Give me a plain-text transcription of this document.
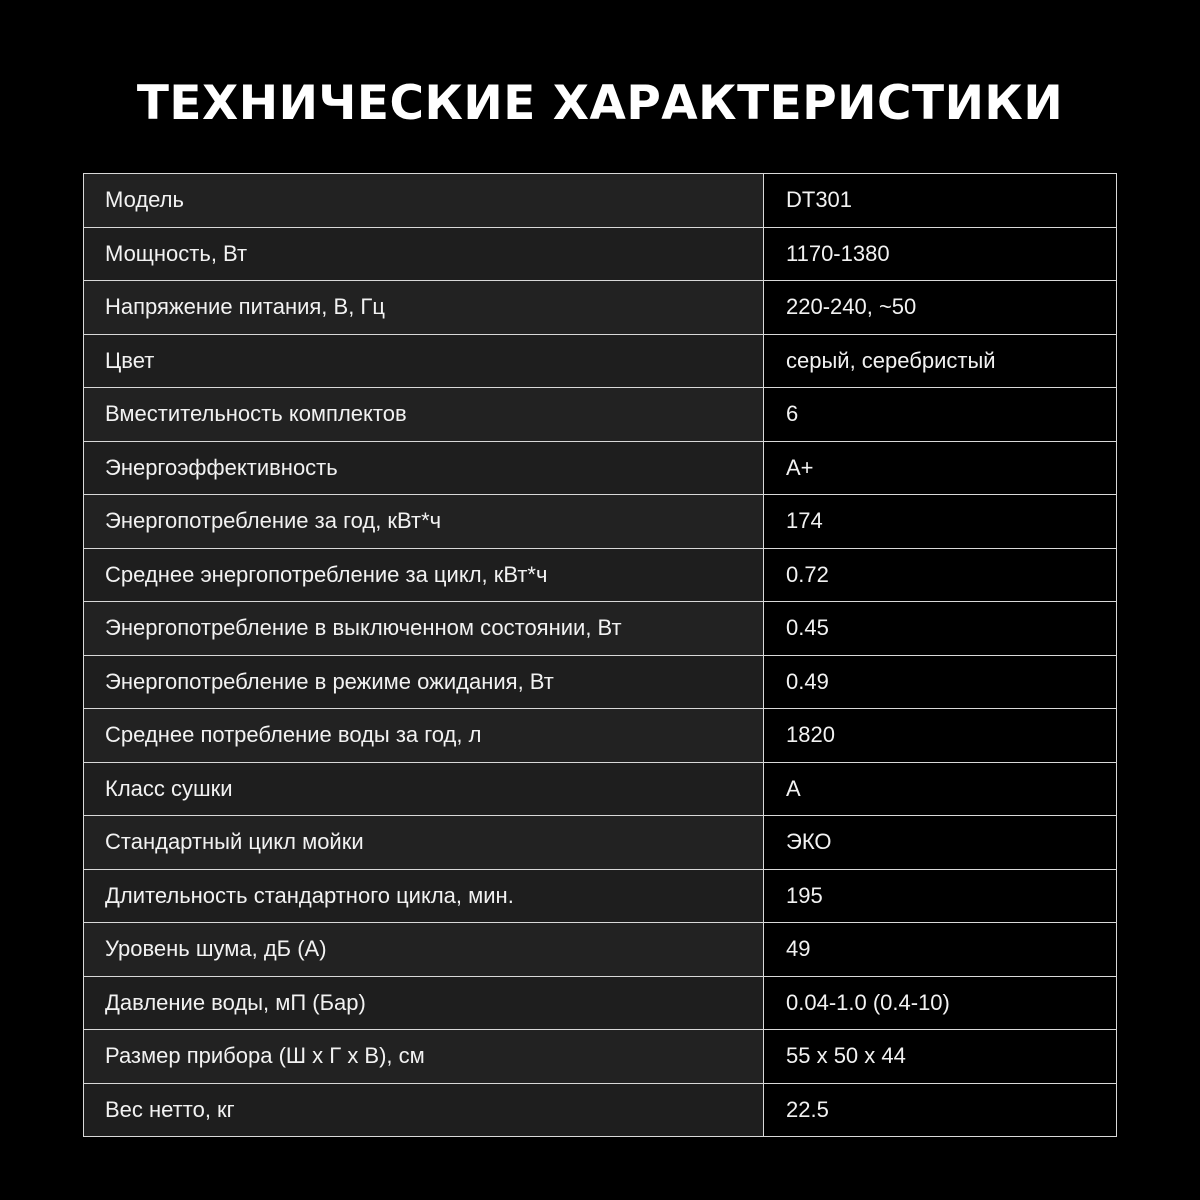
ТЕХНИЧЕСКИЕ ХАРАКТЕРИСТИКИ
Модель	DT301
Мощность, Вт	1170-1380
Напряжение питания, В, Гц	220-240, ~50
Цвет	серый, серебристый
Вместительность комплектов	6
Энергоэффективность	A+
Энергопотребление за год, кВт*ч	174
Среднее энергопотребление за цикл, кВт*ч	0.72
Энергопотребление в выключенном состоянии, Вт	0.45
Энергопотребление в режиме ожидания, Вт	0.49
Среднее потребление воды за год, л	1820
Класс сушки	A
Стандартный цикл мойки	ЭКО
Длительность стандартного цикла, мин.	195
Уровень шума, дБ (A)	49
Давление воды, мП (Бар)	0.04-1.0 (0.4-10)
Размер прибора (Ш х Г х В), см	55 x 50 x 44
Вес нетто, кг	22.5
